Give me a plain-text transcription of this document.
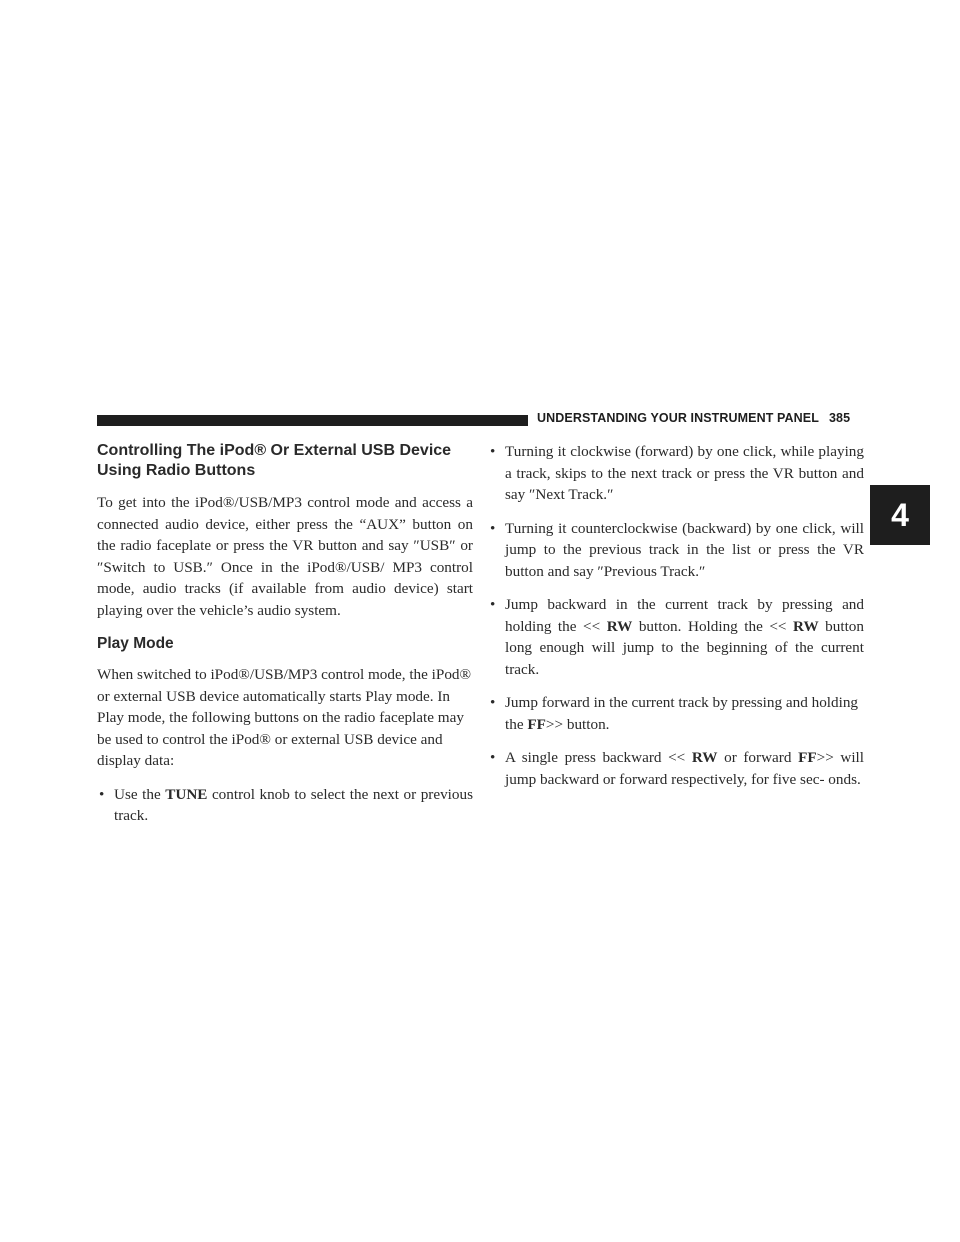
UNDERSTANDING YOUR INSTRUMENT PANEL 385
4
Controlling The iPod® Or External USB Device
Using Radio Buttons

To get into the iPod®/USB/MP3 control mode and access a connected audio device, either press the “AUX” button on the radio faceplate or press the VR button and say ″USB″ or ″Switch to USB.″ Once in the iPod®/USB/ MP3 control mode, audio tracks (if available from audio device) start playing over the vehicle’s audio system.

Play Mode

When switched to iPod®/USB/MP3 control mode, the iPod® or external USB device automatically starts Play mode. In Play mode, the following buttons on the radio faceplate may be used to control the iPod® or external USB device and display data:

• Use the TUNE control knob to select the next or previous track.
• Turning it clockwise (forward) by one click, while playing a track, skips to the next track or press the VR button and say ″Next Track.″
• Turning it counterclockwise (backward) by one click, will jump to the previous track in the list or press the VR button and say ″Previous Track.″
• Jump backward in the current track by pressing and holding the << RW button. Holding the << RW button long enough will jump to the beginning of the current track.
• Jump forward in the current track by pressing and holding the FF>> button.
• A single press backward << RW or forward FF>> will jump backward or forward respectively, for five sec- onds.
